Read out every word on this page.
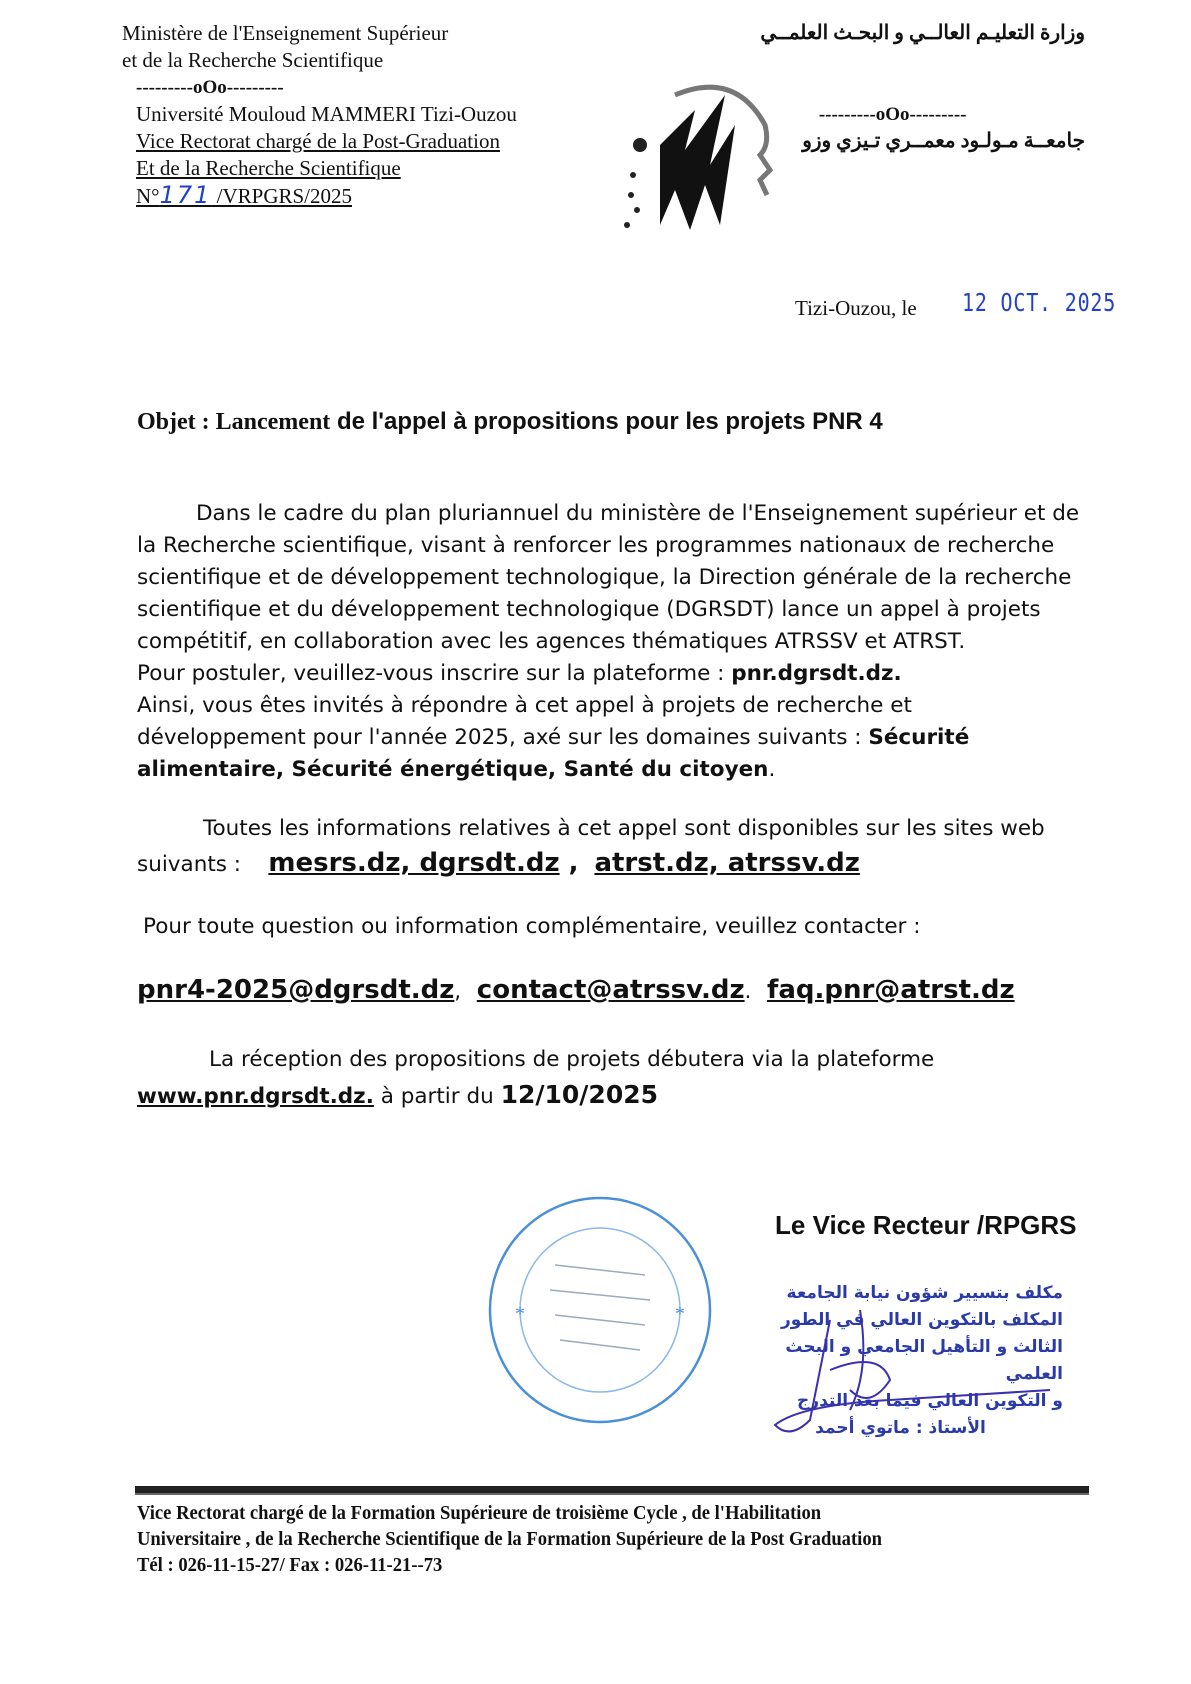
Ministère de l'Enseignement Supérieur
et de la Recherche Scientifique
---------oOo---------
Université Mouloud MAMMERI Tizi-Ouzou
Vice Rectorat chargé de la Post-Graduation
Et de la Recherche Scientifique
N°171 /VRPGRS/2025
وزارة التعليـم العالــي و البحـث العلمــي
---------oOo---------
جامعــة مـولـود معمــري تـيزي وزو
Tizi-Ouzou, le 12 OCT. 2025
Objet : Lancement de l'appel à propositions pour les projets PNR 4

Dans le cadre du plan pluriannuel du ministère de l'Enseignement supérieur et de la Recherche scientifique, visant à renforcer les programmes nationaux de recherche scientifique et de développement technologique, la Direction générale de la recherche scientifique et du développement technologique (DGRSDT) lance un appel à projets compétitif, en collaboration avec les agences thématiques ATRSSV et ATRST.

Pour postuler, veuillez-vous inscrire sur la plateforme : pnr.dgrsdt.dz.

Ainsi, vous êtes invités à répondre à cet appel à projets de recherche et développement pour l'année 2025, axé sur les domaines suivants : Sécurité alimentaire, Sécurité énergétique, Santé du citoyen.

Toutes les informations relatives à cet appel sont disponibles sur les sites web
suivants :    mesrs.dz, dgrsdt.dz ,  atrst.dz, atrssv.dz
Pour toute question ou information complémentaire, veuillez contacter :
pnr4-2025@dgrsdt.dz,  contact@atrssv.dz.  faq.pnr@atrst.dz
La réception des propositions de projets débutera via la plateforme
www.pnr.dgrsdt.dz. à partir du 12/10/2025
*	*
Le Vice Recteur /RPGRS
مكلف بتسيير شؤون نيابة الجامعة
المكلف بالتكوين العالي في الطور
الثالث و التأهيل الجامعي و البحث العلمي
و التكوين العالي فيما بعد التدرج
الأستاذ : ماتوي أحمد
Vice Rectorat chargé de la Formation Supérieure de troisième Cycle , de l'Habilitation
Universitaire , de la Recherche Scientifique de la Formation Supérieure de la Post Graduation
Tél : 026-11-15-27/ Fax : 026-11-21--73
